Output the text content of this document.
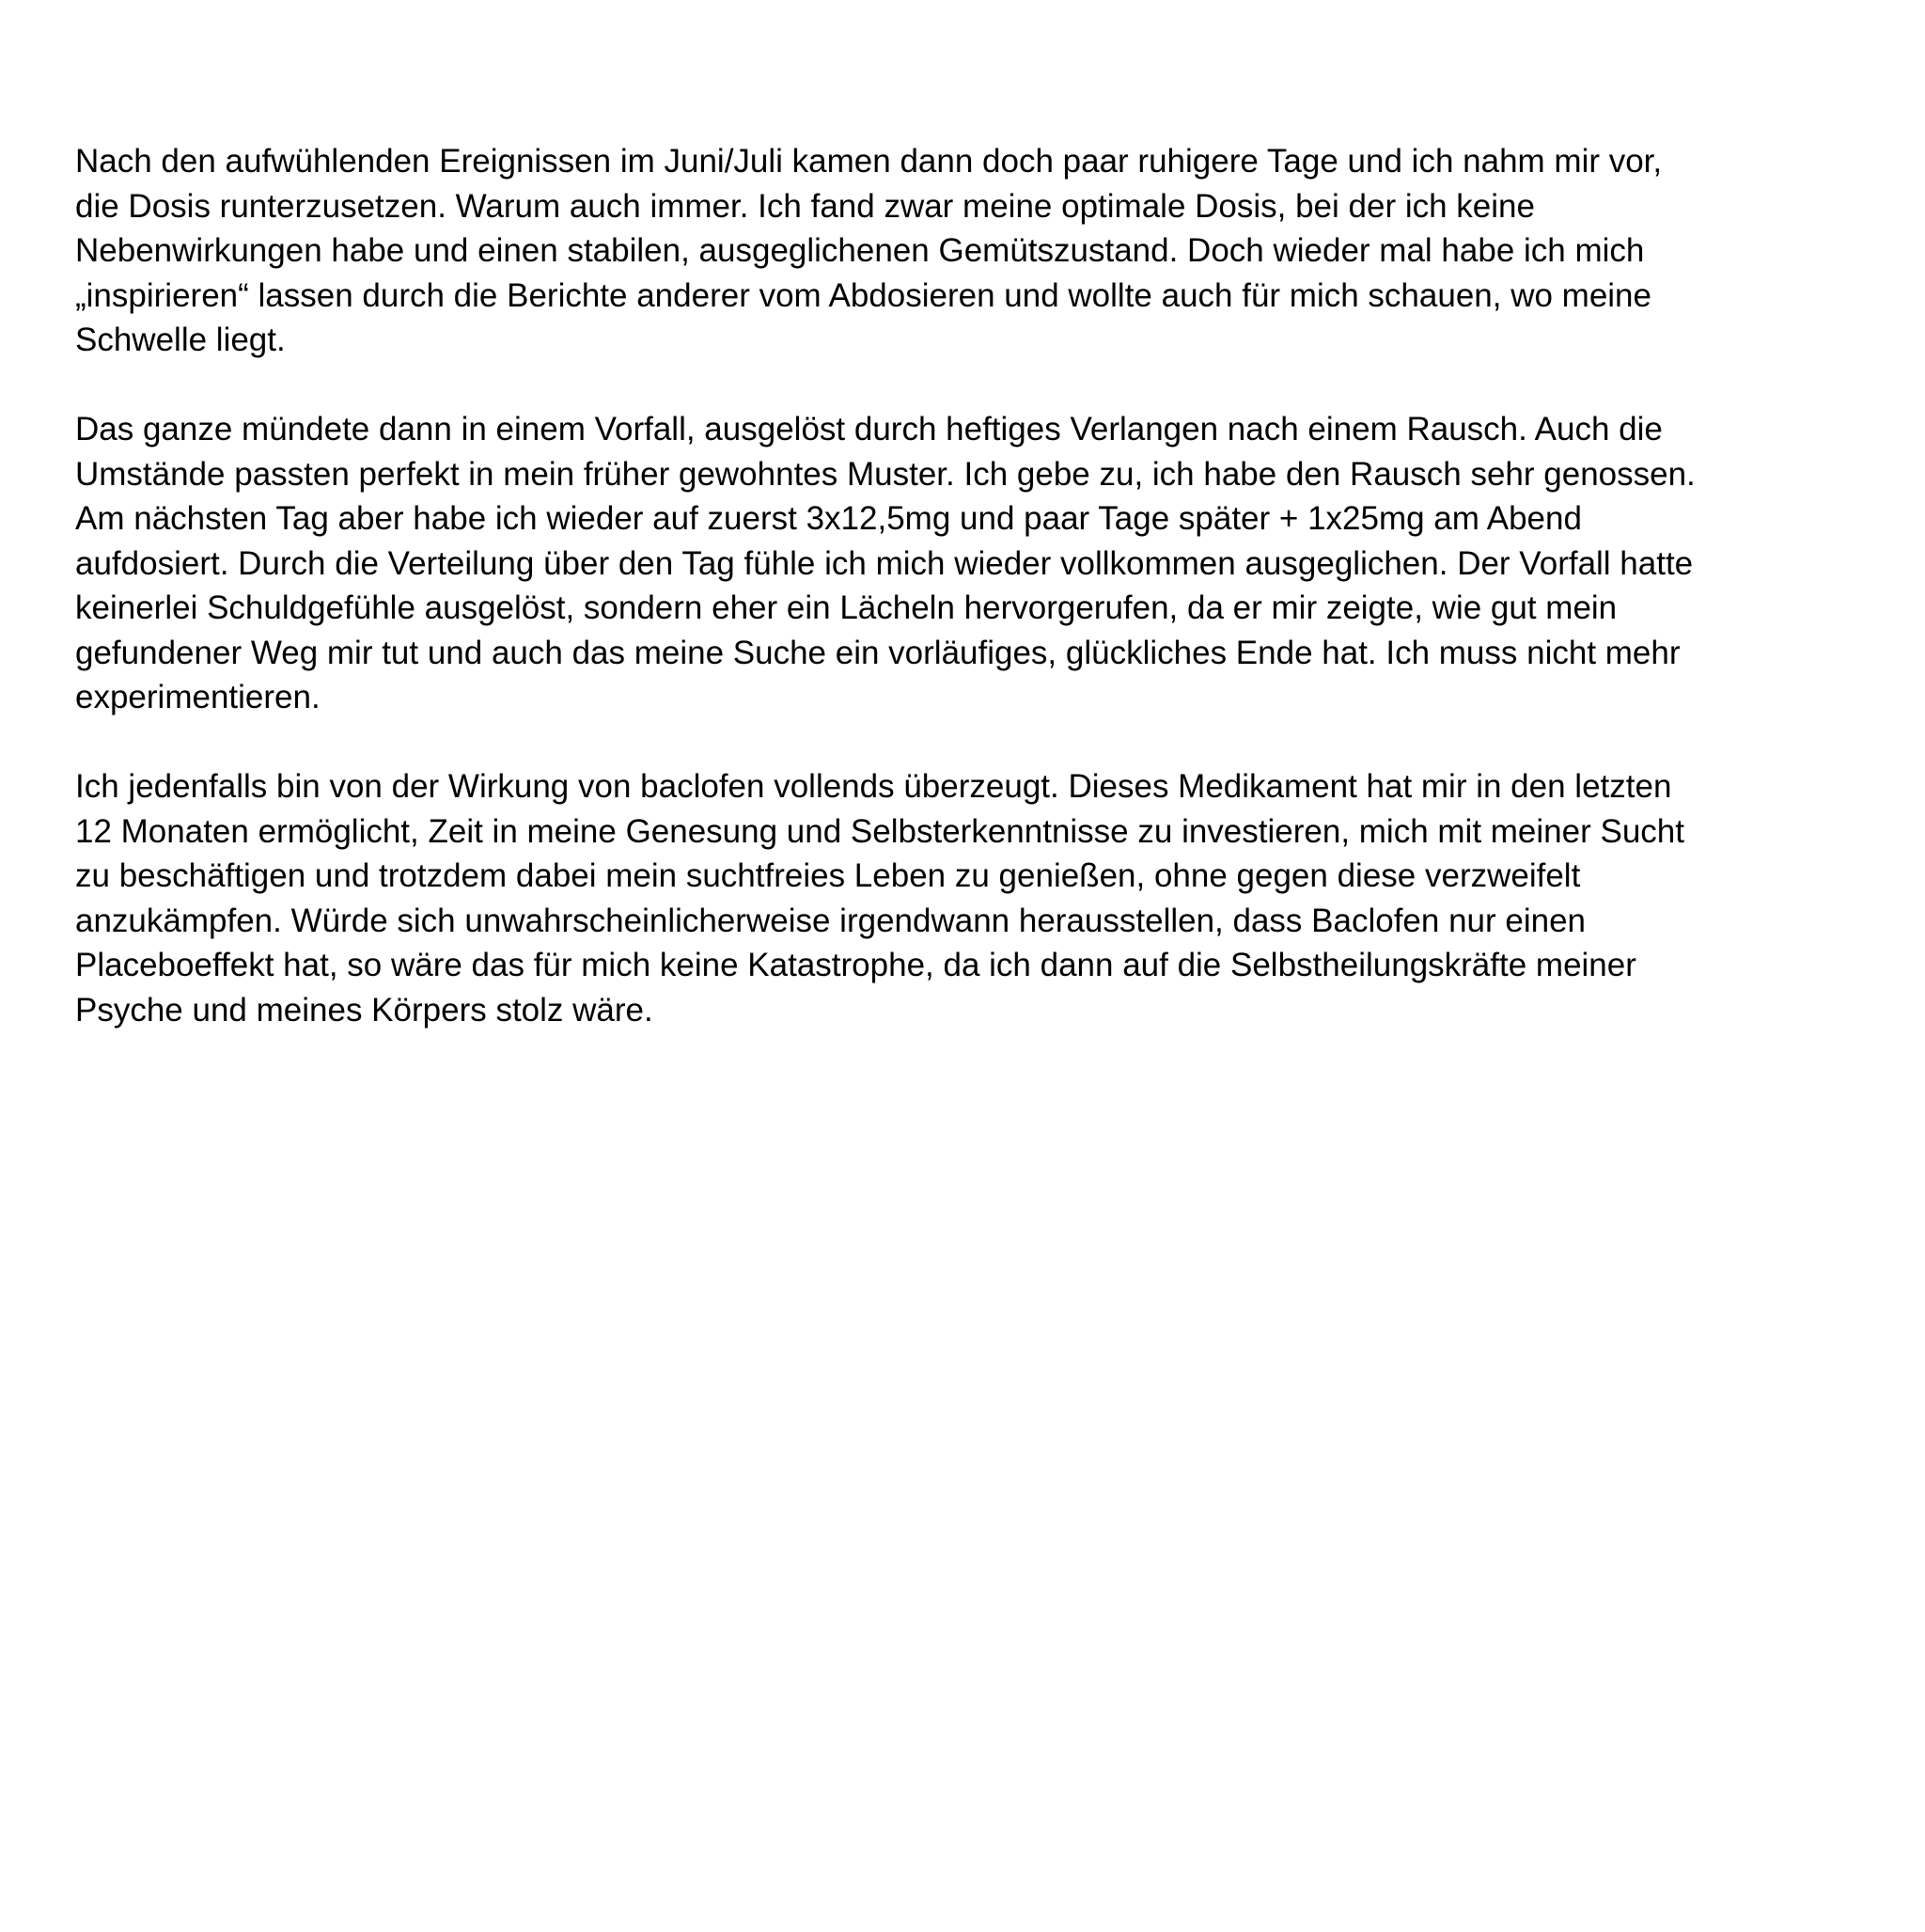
Nach den aufwühlenden Ereignissen im Juni/Juli kamen dann doch paar ruhigere Tage und ich nahm mir vor,
die Dosis runterzusetzen. Warum auch immer. Ich fand zwar meine optimale Dosis, bei der ich keine
Nebenwirkungen habe und einen stabilen, ausgeglichenen Gemütszustand. Doch wieder mal habe ich mich
„inspirieren“ lassen durch die Berichte anderer vom Abdosieren und wollte auch für mich schauen, wo meine
Schwelle liegt.

Das ganze mündete dann in einem Vorfall, ausgelöst durch heftiges Verlangen nach einem Rausch. Auch die
Umstände passten perfekt in mein früher gewohntes Muster. Ich gebe zu, ich habe den Rausch sehr genossen.
Am nächsten Tag aber habe ich wieder auf zuerst 3x12,5mg und paar Tage später + 1x25mg am Abend
aufdosiert. Durch die Verteilung über den Tag fühle ich mich wieder vollkommen ausgeglichen. Der Vorfall hatte
keinerlei Schuldgefühle ausgelöst, sondern eher ein Lächeln hervorgerufen, da er mir zeigte, wie gut mein
gefundener Weg mir tut und auch das meine Suche ein vorläufiges, glückliches Ende hat. Ich muss nicht mehr
experimentieren.

Ich jedenfalls bin von der Wirkung von baclofen vollends überzeugt. Dieses Medikament hat mir in den letzten
12 Monaten ermöglicht, Zeit in meine Genesung und Selbsterkenntnisse zu investieren, mich mit meiner Sucht
zu beschäftigen und trotzdem dabei mein suchtfreies Leben zu genießen, ohne gegen diese verzweifelt
anzukämpfen. Würde sich unwahrscheinlicherweise irgendwann herausstellen, dass Baclofen nur einen
Placeboeffekt hat, so wäre das für mich keine Katastrophe, da ich dann auf die Selbstheilungskräfte meiner
Psyche und meines Körpers stolz wäre.
